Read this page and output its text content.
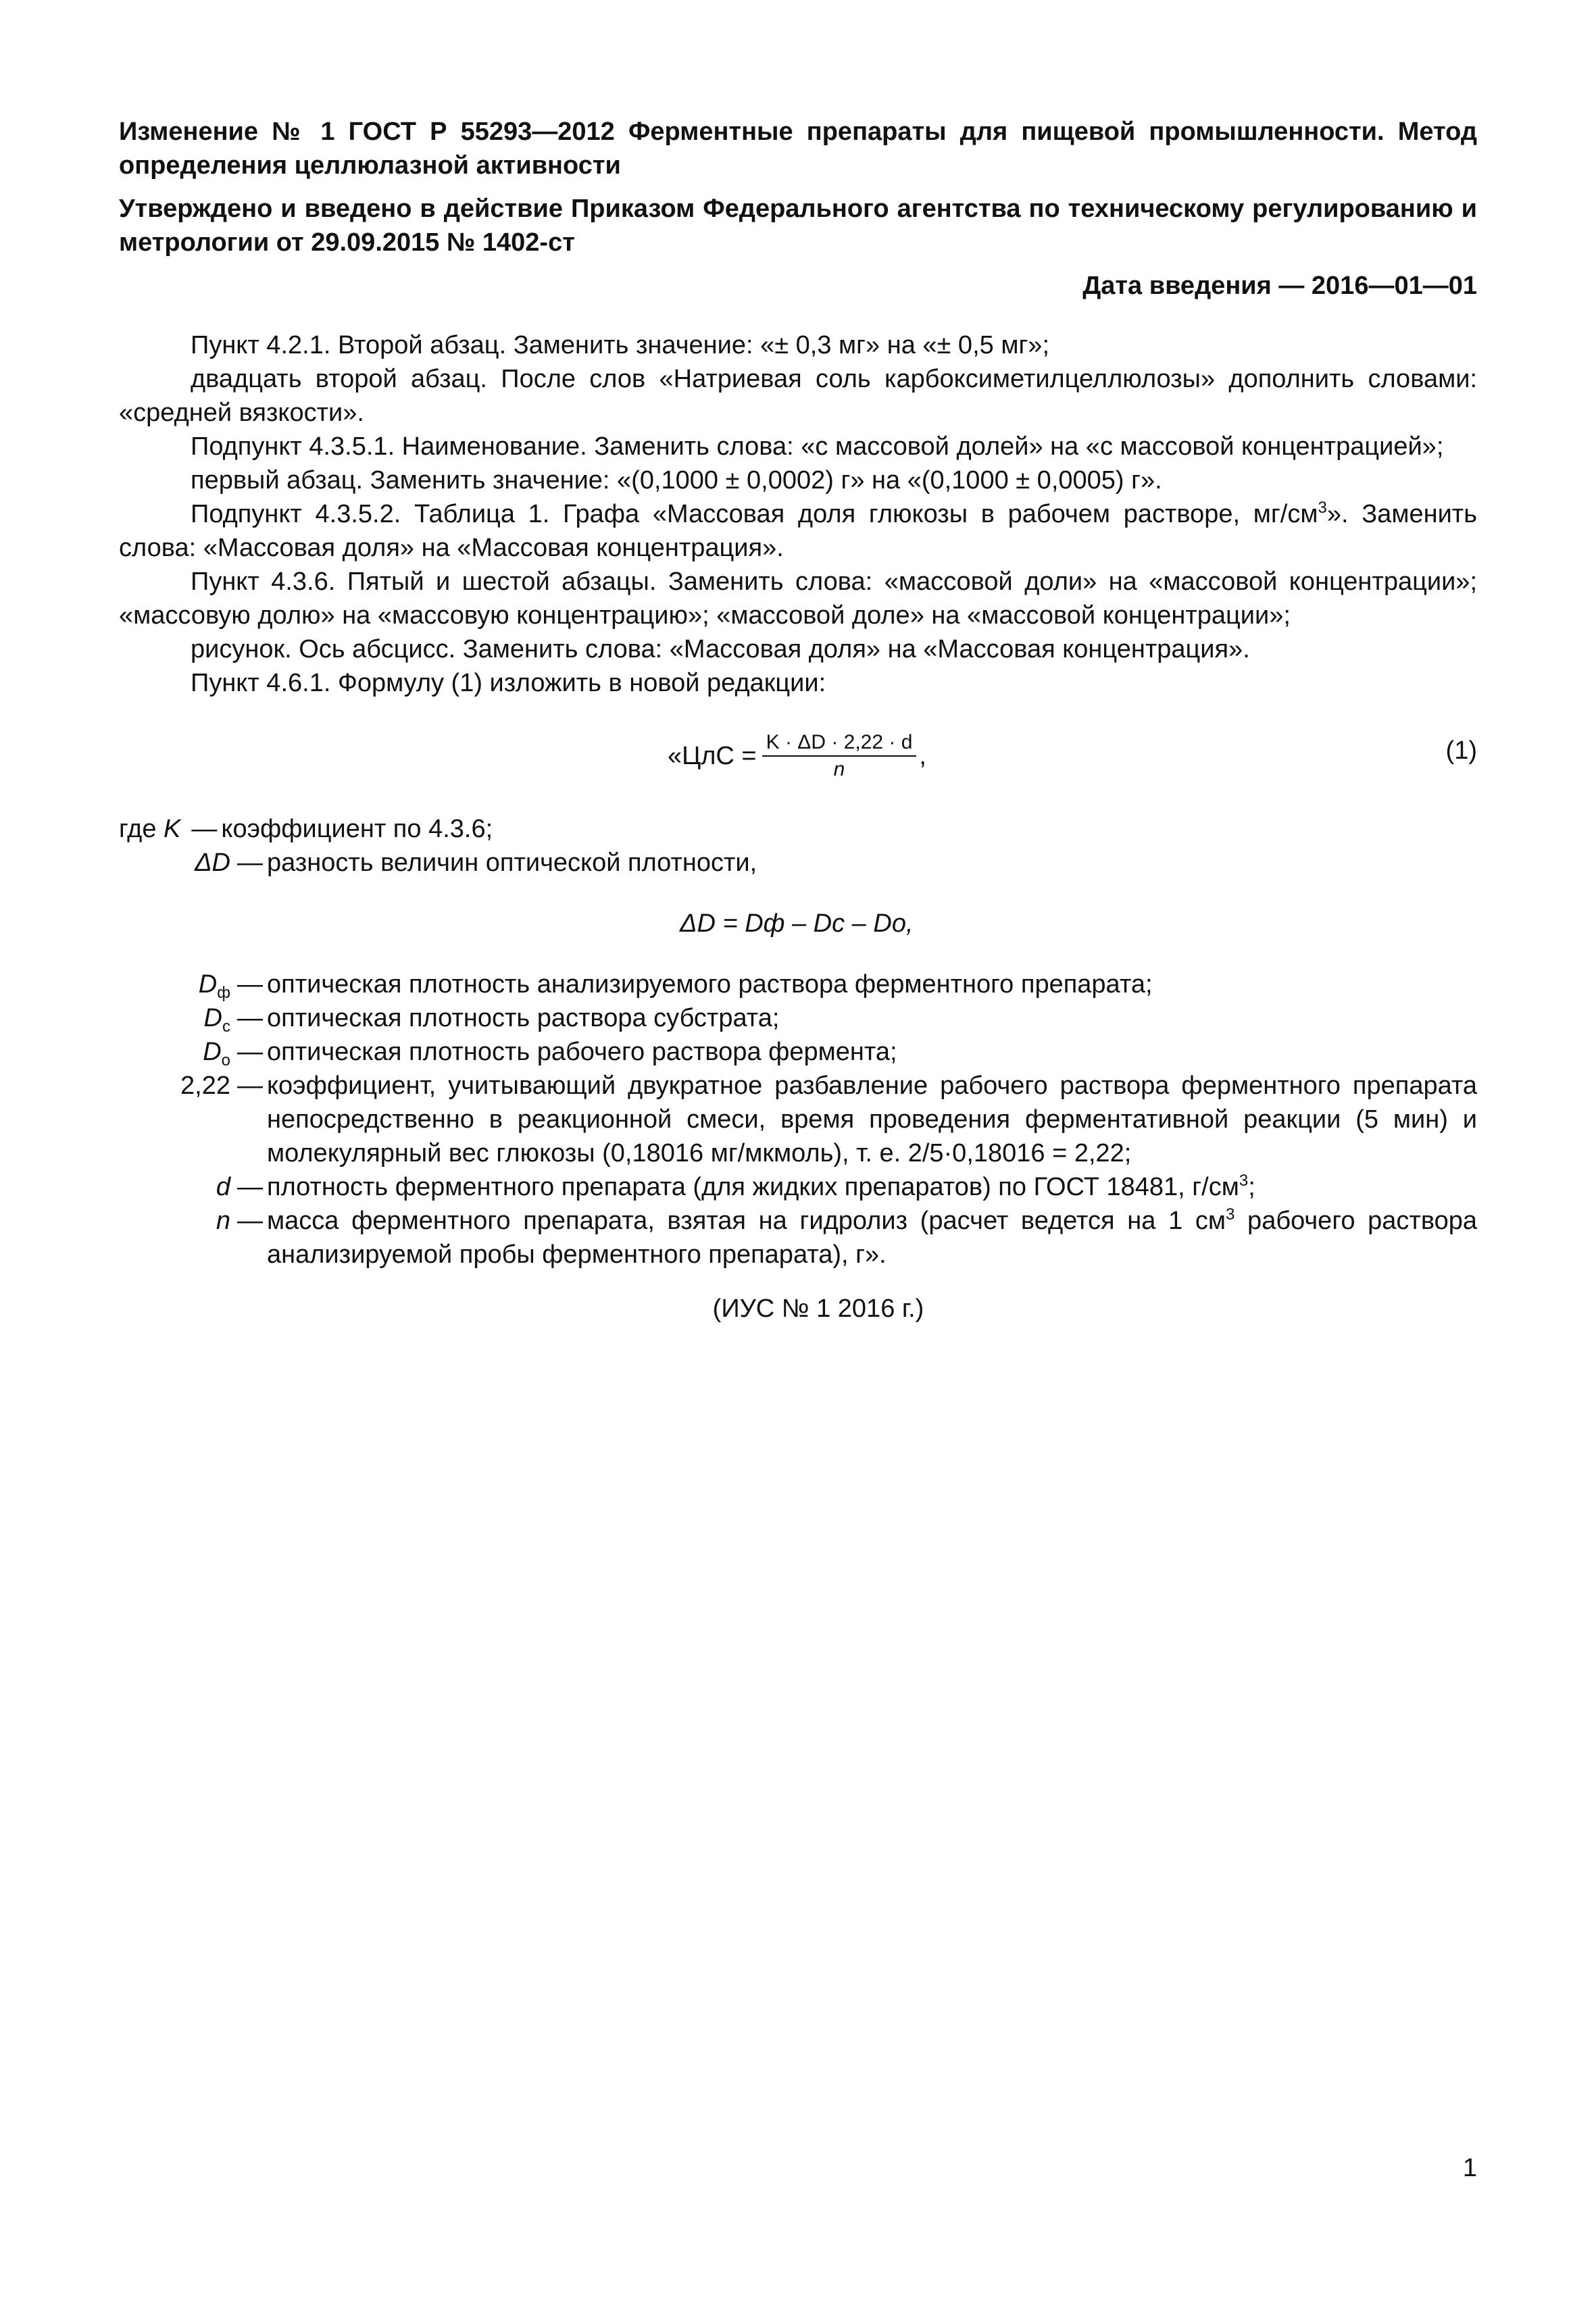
Изменение № 1 ГОСТ Р 55293—2012 Ферментные препараты для пищевой промышленности. Метод определения целлюлазной активности

Утверждено и введено в действие Приказом Федерального агентства по техническому регулированию и метрологии от 29.09.2015 № 1402-ст

Дата введения — 2016—01—01

Пункт 4.2.1. Второй абзац. Заменить значение: «± 0,3 мг» на «± 0,5 мг»;

двадцать второй абзац. После слов «Натриевая соль карбоксиметилцеллюлозы» дополнить словами: «средней вязкости».

Подпункт 4.3.5.1. Наименование. Заменить слова: «с массовой долей» на «с массовой концентрацией»;

первый абзац. Заменить значение: «(0,1000 ± 0,0002) г» на «(0,1000 ± 0,0005) г».

Подпункт 4.3.5.2. Таблица 1. Графа «Массовая доля глюкозы в рабочем растворе, $мг/см^3$». Заменить слова: «Массовая доля» на «Массовая концентрация».

Пункт 4.3.6. Пятый и шестой абзацы. Заменить слова: «массовой доли» на «массовой концентрации»; «массовую долю» на «массовую концентрацию»; «массовой доле» на «массовой концентрации»;

рисунок. Ось абсцисс. Заменить слова: «Массовая доля» на «Массовая концентрация».

Пункт 4.6.1. Формулу (1) изложить в новой редакции:

«ЦлС = $\frac{K \cdot \Delta D \cdot 2,22 \cdot d}{n}$ ,	(1)

где K — коэффициент по 4.3.6;

ΔD — разность величин оптической плотности,

ΔD = Dф – Dс – Dо,

$D_ф$ — оптическая плотность анализируемого раствора ферментного препарата;

$D_с$ — оптическая плотность раствора субстрата;

$D_о$ — оптическая плотность рабочего раствора фермента;

2,22 — коэффициент, учитывающий двукратное разбавление рабочего раствора ферментного препарата непосредственно в реакционной смеси, время проведения ферментативной реакции (5 мин) и молекулярный вес глюкозы (0,18016 мг/мкмоль), т. е. 2/5·0,18016 = 2,22;

d — плотность ферментного препарата (для жидких препаратов) по ГОСТ 18481, $г/см^3$;

n — масса ферментного препарата, взятая на гидролиз (расчет ведется на 1 $см^3$ рабочего раствора анализируемой пробы ферментного препарата), г».

(ИУС № 1 2016 г.)

1
